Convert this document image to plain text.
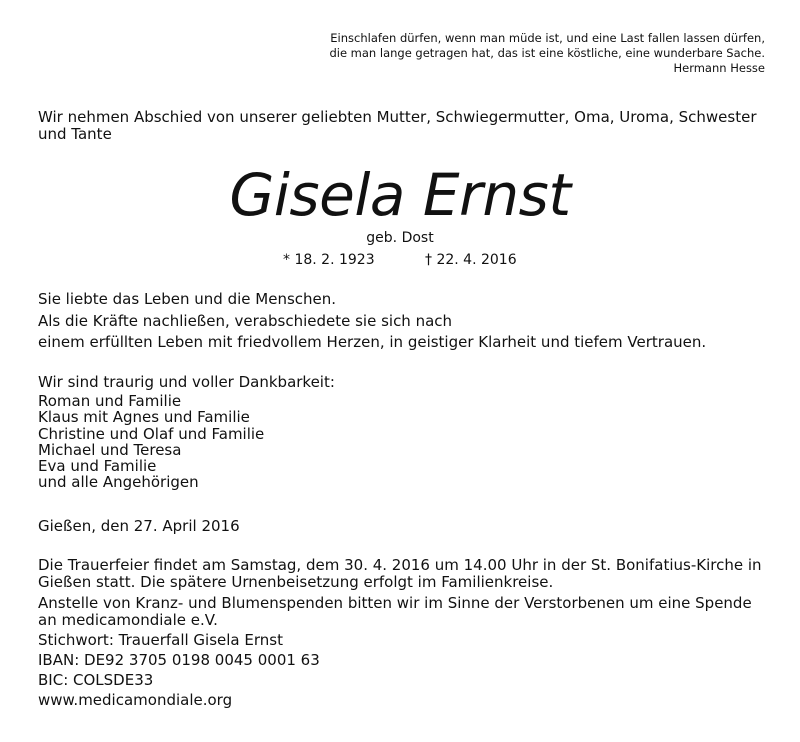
Einschlafen dürfen, wenn man müde ist, und eine Last fallen lassen dürfen,
die man lange getragen hat, das ist eine köstliche, eine wunderbare Sache.
Hermann Hesse
Wir nehmen Abschied von unserer geliebten Mutter, Schwiegermutter, Oma, Uroma, Schwester und Tante
Gisela Ernst
geb. Dost
* 18. 2. 1923	† 22. 4. 2016
Sie liebte das Leben und die Menschen.
Als die Kräfte nachließen, verabschiedete sie sich nach
einem erfüllten Leben mit friedvollem Herzen, in geistiger Klarheit und tiefem Vertrauen.
Wir sind traurig und voller Dankbarkeit:
Roman und Familie
Klaus mit Agnes und Familie
Christine und Olaf und Familie
Michael und Teresa
Eva und Familie
und alle Angehörigen
Gießen, den 27. April 2016
Die Trauerfeier findet am Samstag, dem 30. 4. 2016 um 14.00 Uhr in der St. Bonifatius-Kirche in
Gießen statt. Die spätere Urnenbeisetzung erfolgt im Familienkreise.
Anstelle von Kranz- und Blumenspenden bitten wir im Sinne der Verstorbenen um eine Spende
an medicamondiale e.V.
Stichwort: Trauerfall Gisela Ernst
IBAN: DE92 3705 0198 0045 0001 63
BIC: COLSDE33
www.medicamondiale.org
